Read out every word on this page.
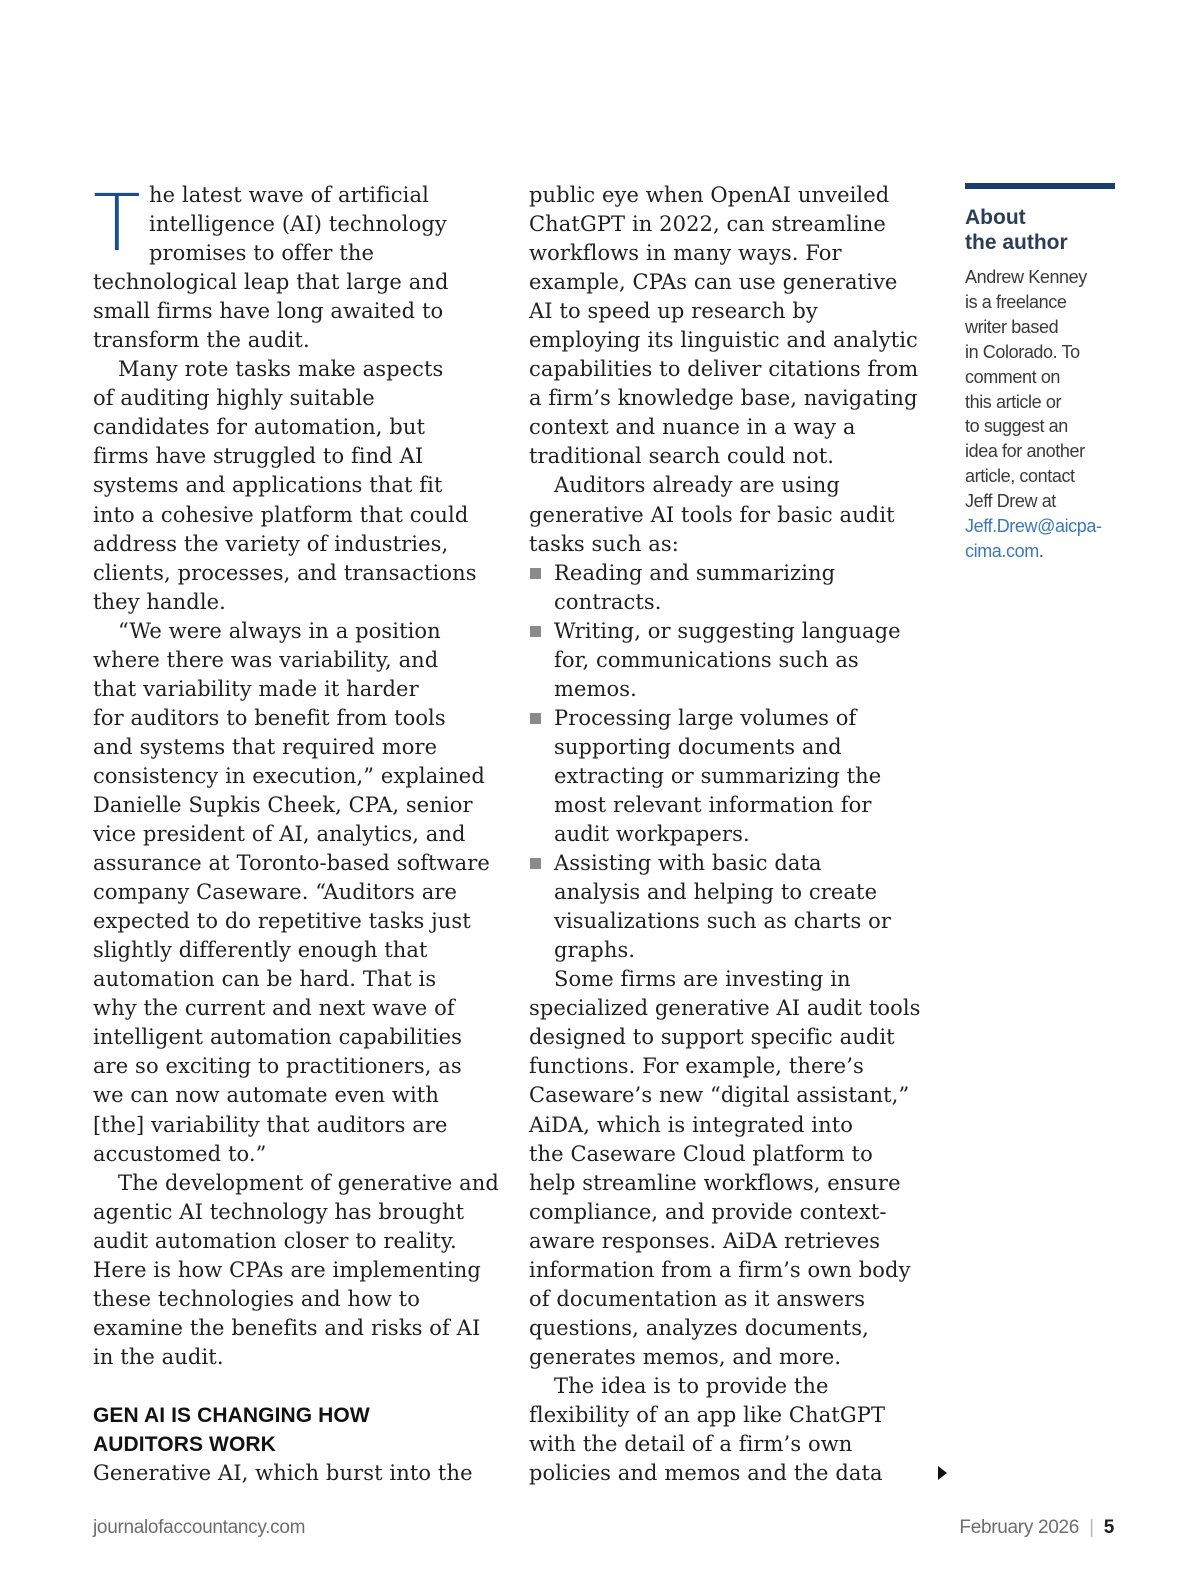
T he latest wave of artificial
intelligence (AI) technology
promises to offer the
technological leap that large and
small firms have long awaited to
transform the audit.
Many rote tasks make aspects
of auditing highly suitable
candidates for automation, but
firms have struggled to find AI
systems and applications that fit
into a cohesive platform that could
address the variety of industries,
clients, processes, and transactions
they handle.
“We were always in a position
where there was variability, and
that variability made it harder
for auditors to benefit from tools
and systems that required more
consistency in execution,” explained
Danielle Supkis Cheek, CPA, senior
vice president of AI, analytics, and
assurance at Toronto-based software
company Caseware. “Auditors are
expected to do repetitive tasks just
slightly differently enough that
automation can be hard. That is
why the current and next wave of
intelligent automation capabilities
are so exciting to practitioners, as
we can now automate even with
[the] variability that auditors are
accustomed to.”
The development of generative and
agentic AI technology has brought
audit automation closer to reality.
Here is how CPAs are implementing
these technologies and how to
examine the benefits and risks of AI
in the audit.
GEN AI IS CHANGING HOW
AUDITORS WORK
Generative AI, which burst into the
public eye when OpenAI unveiled
ChatGPT in 2022, can streamline
workflows in many ways. For
example, CPAs can use generative
AI to speed up research by
employing its linguistic and analytic
capabilities to deliver citations from
a firm’s knowledge base, navigating
context and nuance in a way a
traditional search could not.
Auditors already are using
generative AI tools for basic audit
tasks such as:
Reading and summarizing
contracts.
Writing, or suggesting language
for, communications such as
memos.
Processing large volumes of
supporting documents and
extracting or summarizing the
most relevant information for
audit workpapers.
Assisting with basic data
analysis and helping to create
visualizations such as charts or
graphs.
Some firms are investing in
specialized generative AI audit tools
designed to support specific audit
functions. For example, there’s
Caseware’s new “digital assistant,”
AiDA, which is integrated into
the Caseware Cloud platform to
help streamline workflows, ensure
compliance, and provide context-
aware responses. AiDA retrieves
information from a firm’s own body
of documentation as it answers
questions, analyzes documents,
generates memos, and more.
The idea is to provide the
flexibility of an app like ChatGPT
with the detail of a firm’s own
policies and memos and the data
About
the author
Andrew Kenney
is a freelance
writer based
in Colorado. To
comment on
this article or
to suggest an
idea for another
article, contact
Jeff Drew at
Jeff.Drew@aicpa-
cima.com.
journalofaccountancy.com	February 2026 | 5
